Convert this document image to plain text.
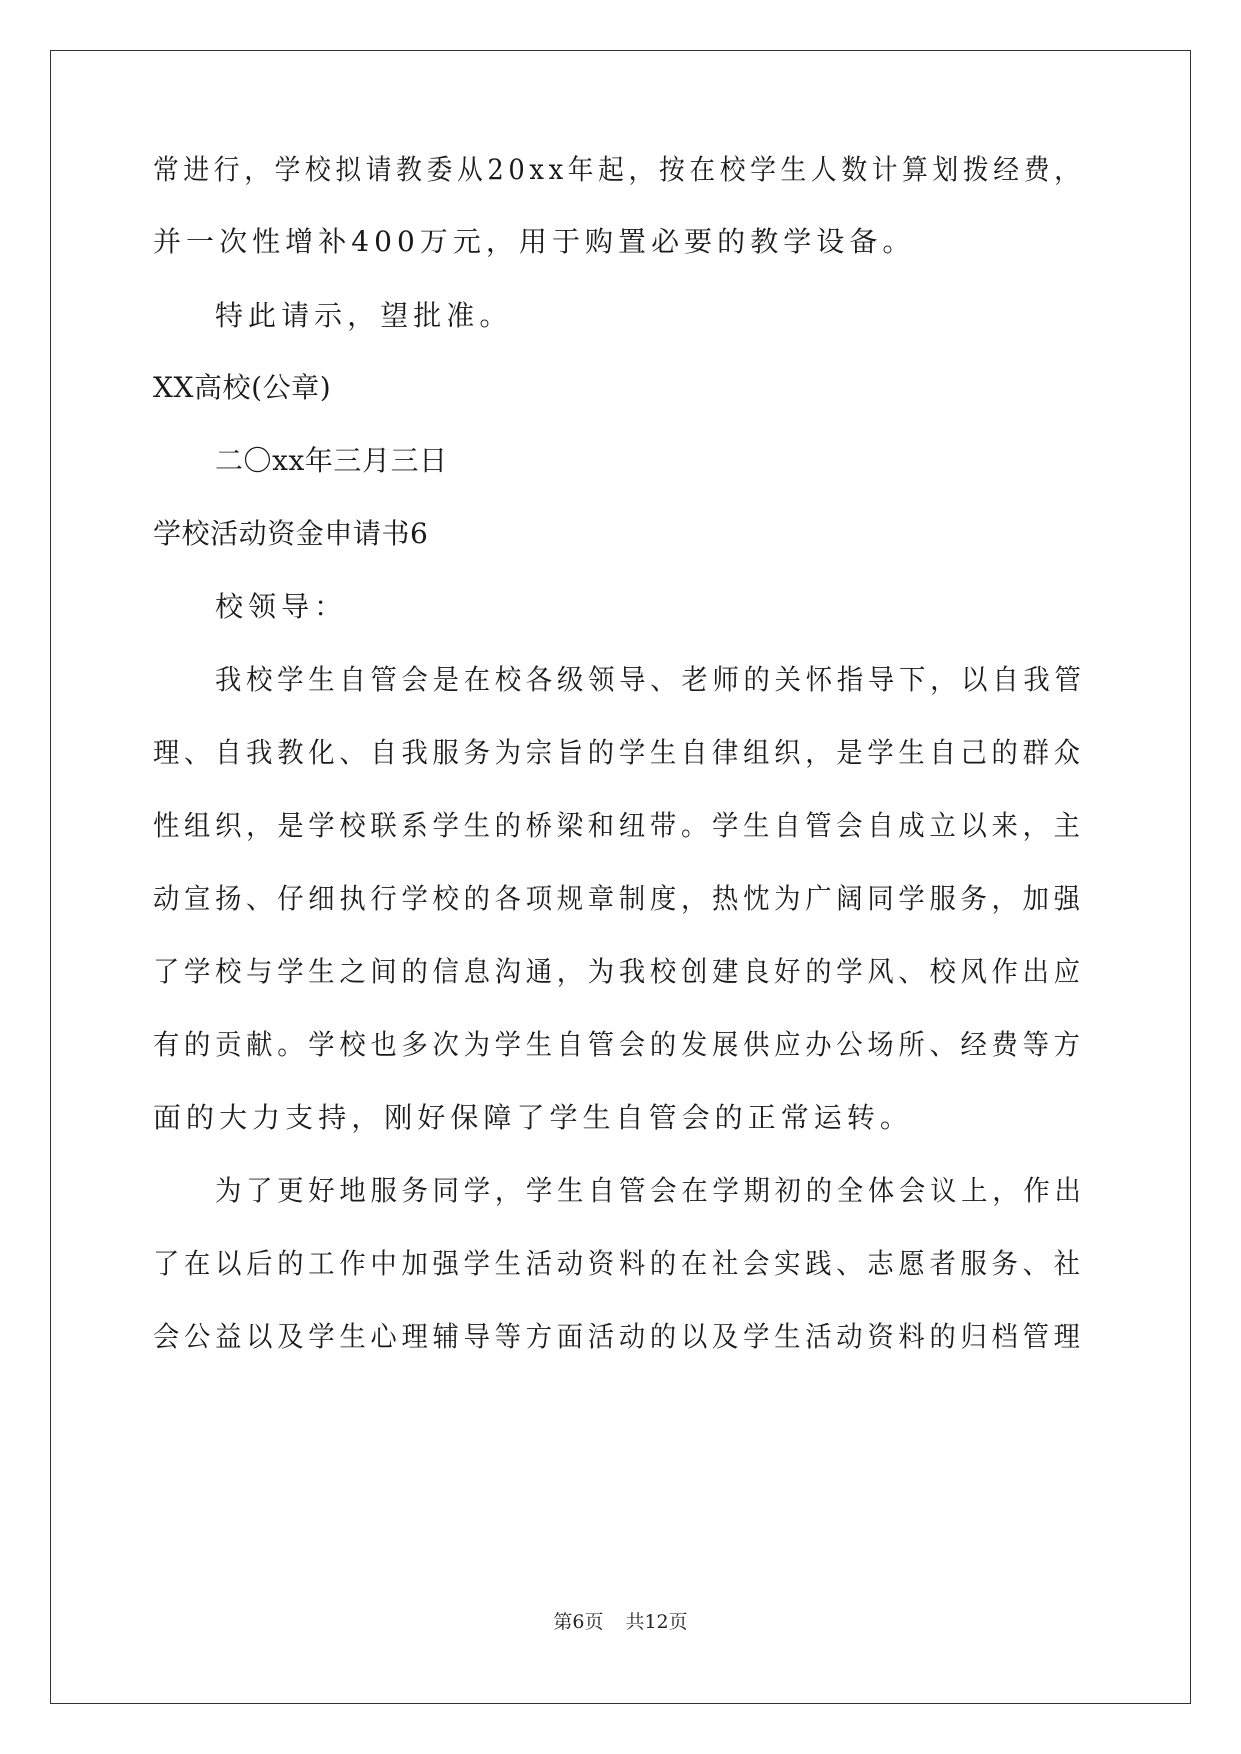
常进行，学校拟请教委从20xx年起，按在校学生人数计算划拨经费，
并一次性增补400万元，用于购置必要的教学设备。
特此请示，望批准。
XX高校(公章)
二〇xx年三月三日
学校活动资金申请书6
校领导：
我校学生自管会是在校各级领导、老师的关怀指导下，以自我管
理、自我教化、自我服务为宗旨的学生自律组织，是学生自己的群众
性组织，是学校联系学生的桥梁和纽带。学生自管会自成立以来，主
动宣扬、仔细执行学校的各项规章制度，热忱为广阔同学服务，加强
了学校与学生之间的信息沟通，为我校创建良好的学风、校风作出应
有的贡献。学校也多次为学生自管会的发展供应办公场所、经费等方
面的大力支持，刚好保障了学生自管会的正常运转。
为了更好地服务同学，学生自管会在学期初的全体会议上，作出
了在以后的工作中加强学生活动资料的在社会实践、志愿者服务、社
会公益以及学生心理辅导等方面活动的以及学生活动资料的归档管理
第6页 共12页
